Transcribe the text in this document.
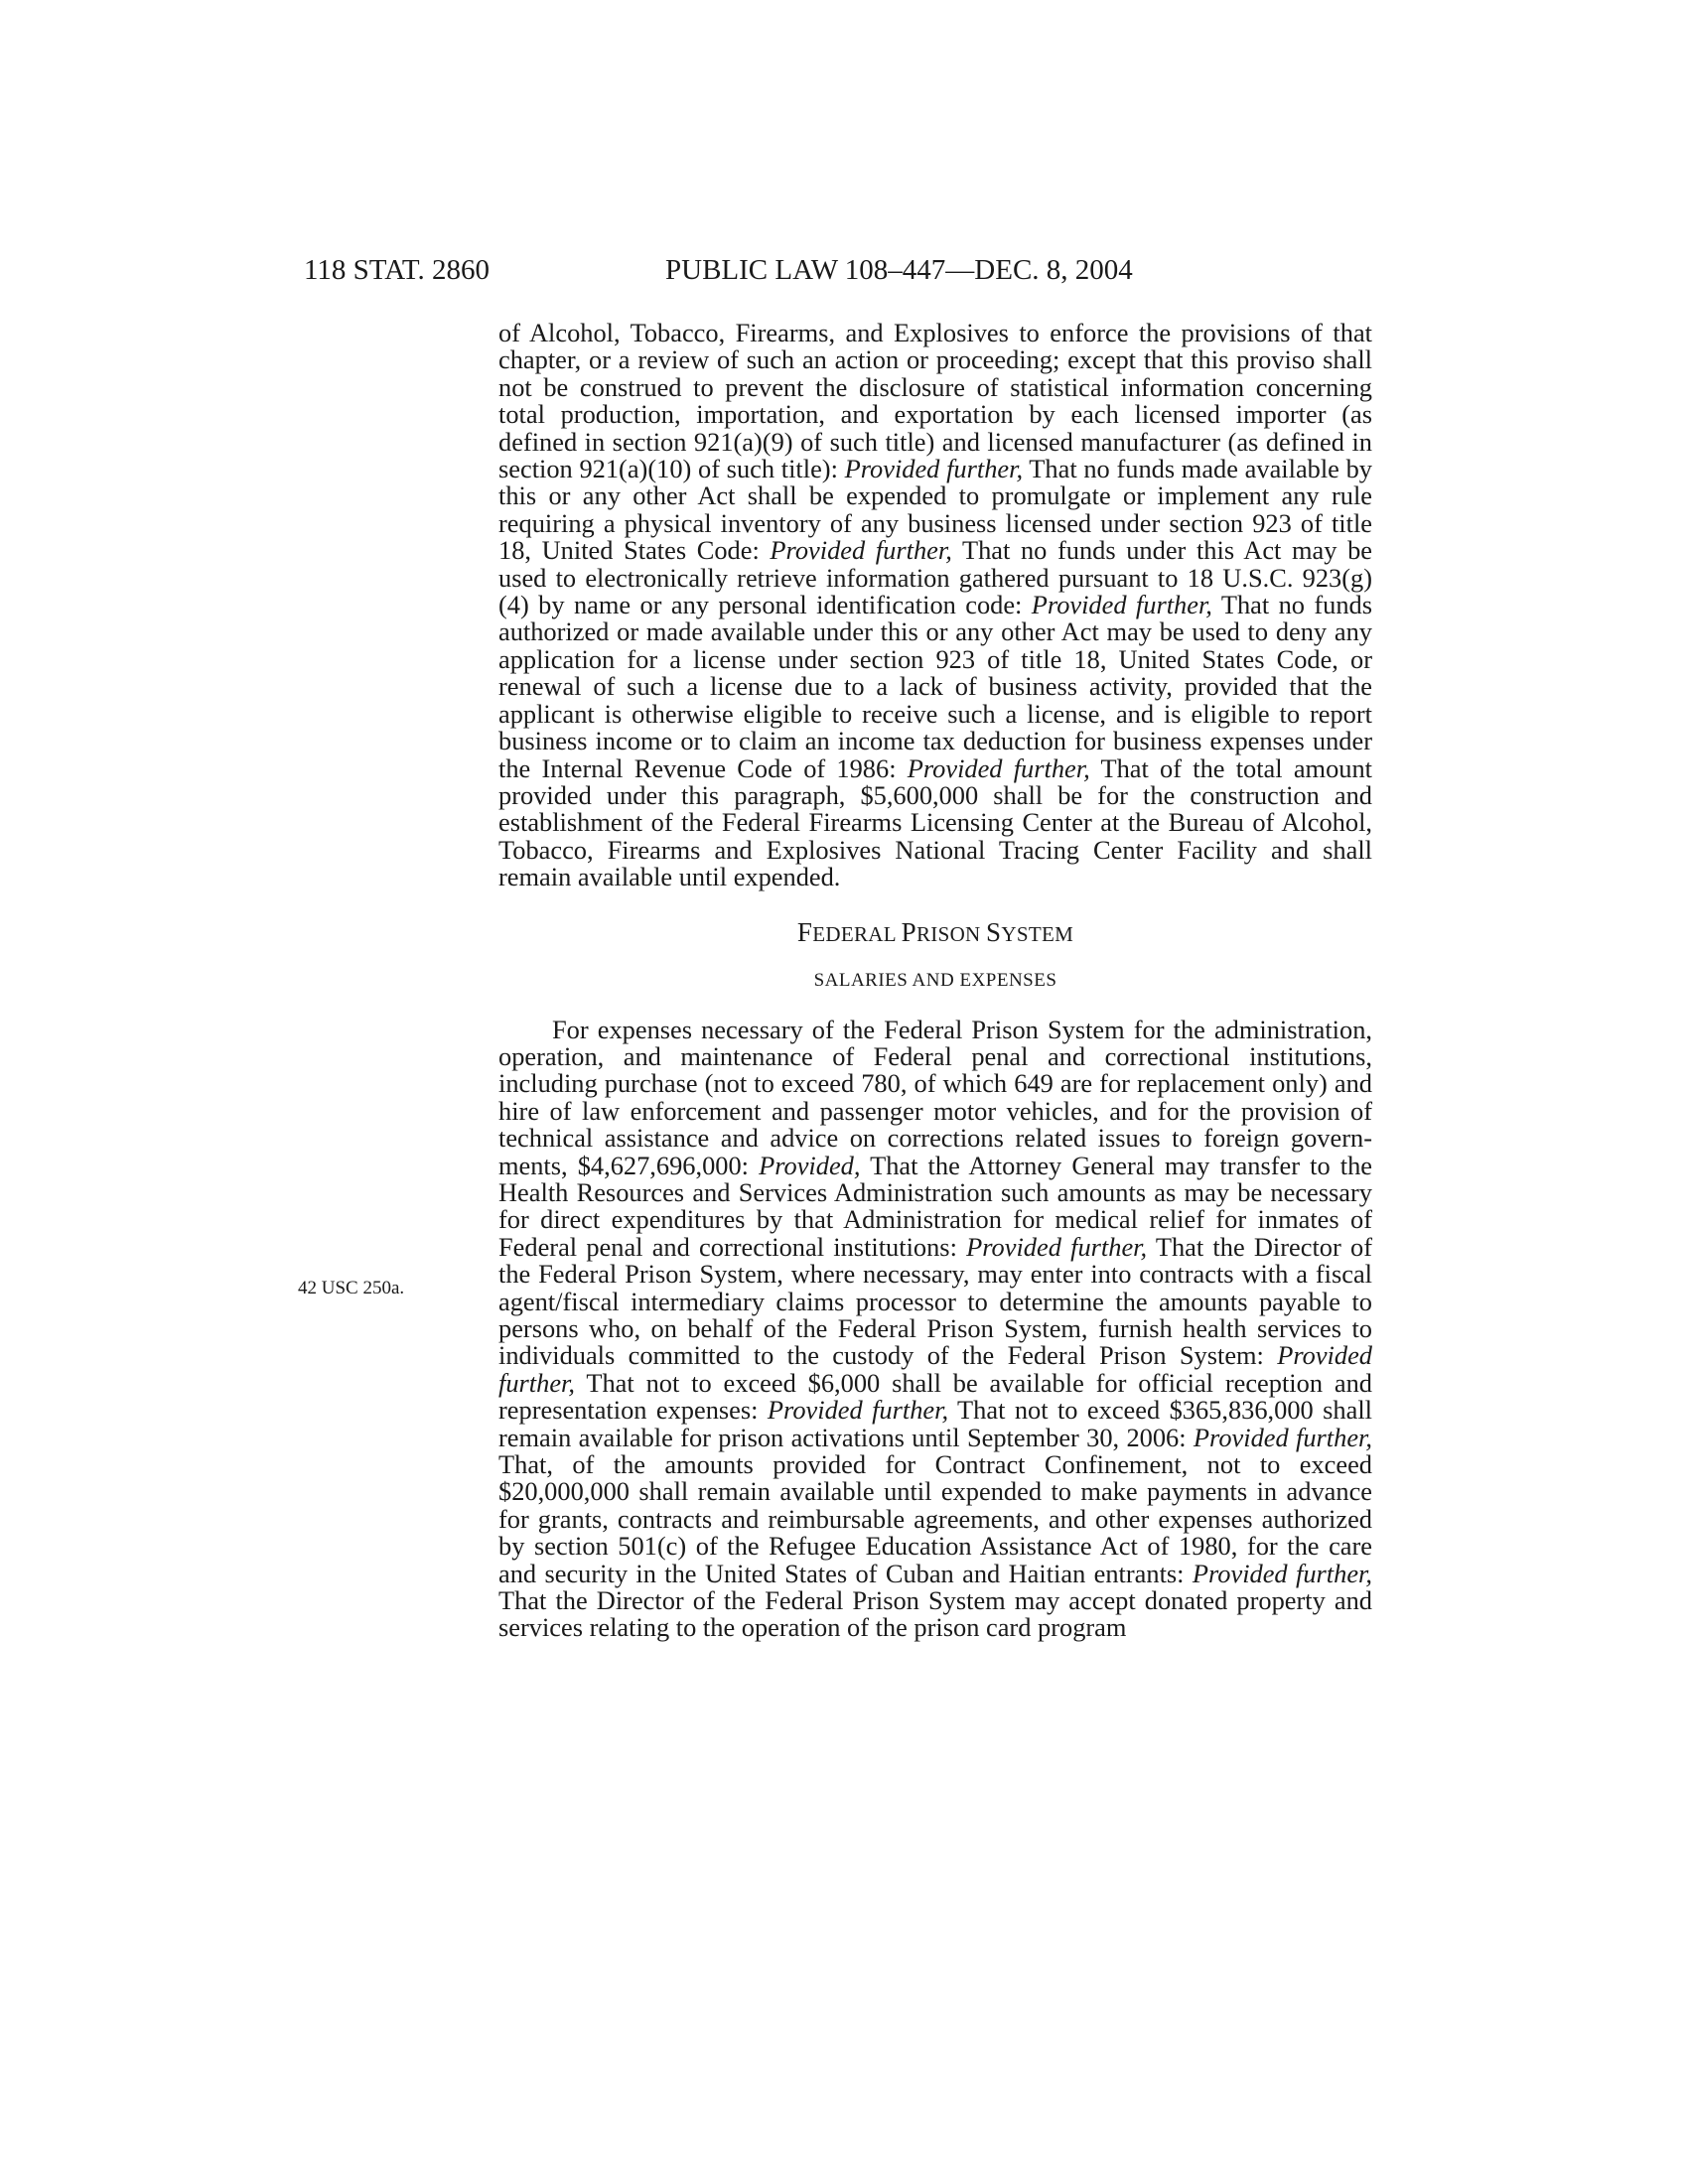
118 STAT. 2860	PUBLIC LAW 108–447—DEC. 8, 2004
42 USC 250a.

of Alcohol, Tobacco, Firearms, and Explosives to enforce the provisions of that chapter, or a review of such an action or proceeding; except that this proviso shall not be construed to prevent the disclosure of statistical information concerning total production, importation, and exportation by each licensed importer (as defined in section 921(a)(9) of such title) and licensed manufacturer (as defined in section 921(a)(10) of such title): Provided further, That no funds made available by this or any other Act shall be expended to promulgate or implement any rule requiring a physical inventory of any business licensed under section 923 of title 18, United States Code: Provided further, That no funds under this Act may be used to electronically retrieve information gathered pursuant to 18 U.S.C. 923(g)(4) by name or any personal identification code: Provided further, That no funds authorized or made available under this or any other Act may be used to deny any application for a license under section 923 of title 18, United States Code, or renewal of such a license due to a lack of business activity, provided that the applicant is otherwise eligible to receive such a license, and is eligible to report business income or to claim an income tax deduction for business expenses under the Internal Revenue Code of 1986: Provided further, That of the total amount provided under this paragraph, $5,600,000 shall be for the construction and establishment of the Federal Firearms Licensing Center at the Bureau of Alcohol, Tobacco, Firearms and Explosives National Tracing Center Facility and shall remain available until expended.

FEDERAL PRISON SYSTEM
SALARIES AND EXPENSES

For expenses necessary of the Federal Prison System for the administration, operation, and maintenance of Federal penal and correctional institutions, including purchase (not to exceed 780, of which 649 are for replacement only) and hire of law enforcement and passenger motor vehicles, and for the provision of technical assistance and advice on corrections related issues to foreign governments, $4,627,696,000: Provided, That the Attorney General may transfer to the Health Resources and Services Administration such amounts as may be necessary for direct expenditures by that Administration for medical relief for inmates of Federal penal and correctional institutions: Provided further, That the Director of the Federal Prison System, where necessary, may enter into contracts with a fiscal agent/fiscal intermediary claims processor to determine the amounts payable to persons who, on behalf of the Federal Prison System, furnish health services to individuals committed to the custody of the Federal Prison System: Provided further, That not to exceed $6,000 shall be available for official reception and representation expenses: Provided further, That not to exceed $365,836,000 shall remain available for prison activations until September 30, 2006: Provided further, That, of the amounts provided for Contract Confinement, not to exceed $20,000,000 shall remain available until expended to make payments in advance for grants, contracts and reimbursable agreements, and other expenses authorized by section 501(c) of the Refugee Education Assistance Act of 1980, for the care and security in the United States of Cuban and Haitian entrants: Provided further, That the Director of the Federal Prison System may accept donated property and services relating to the operation of the prison card program
